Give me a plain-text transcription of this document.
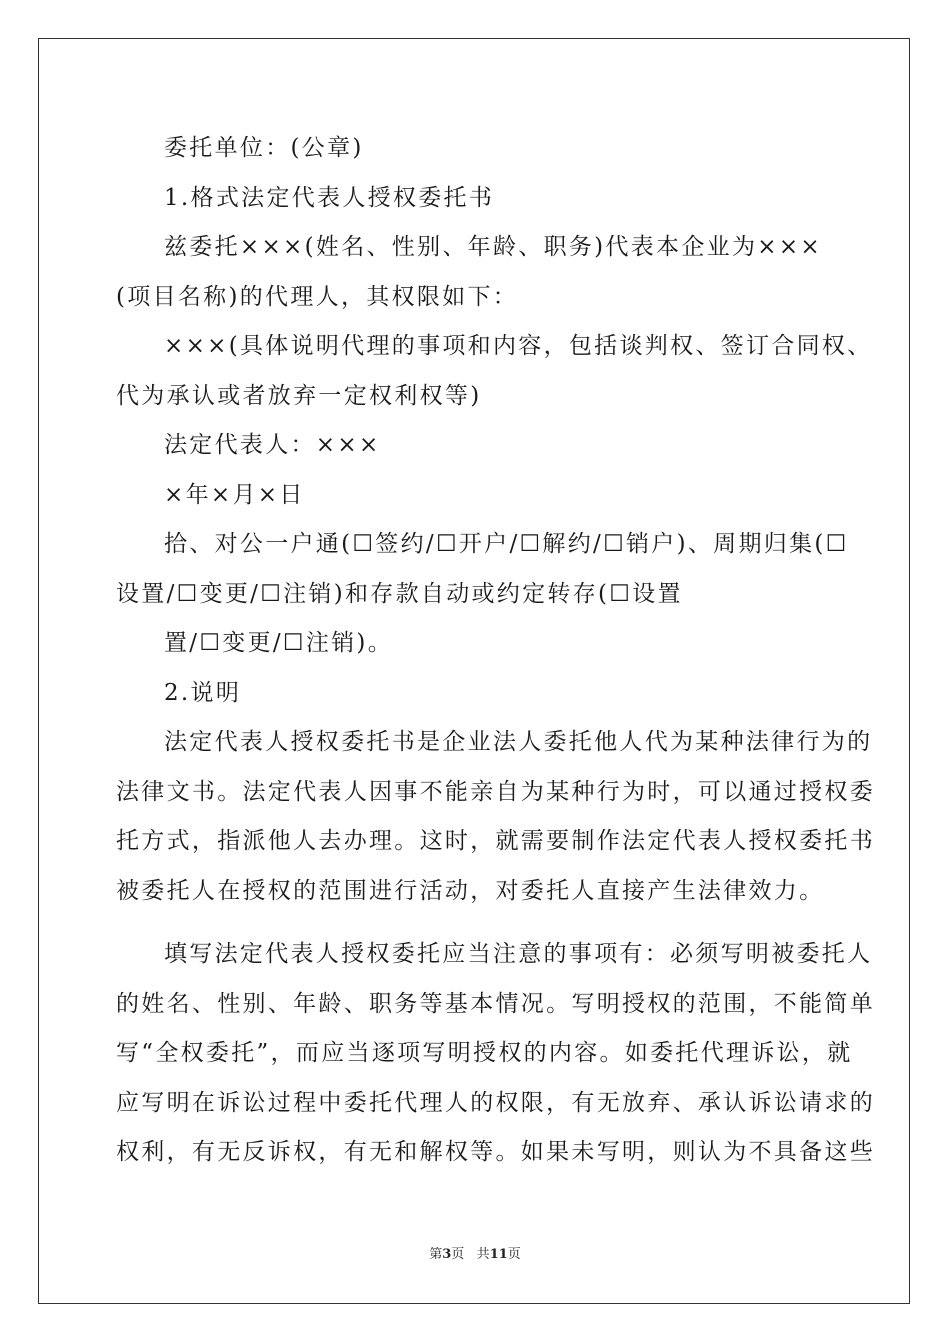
委托单位：(公章)
1.格式法定代表人授权委托书
兹委托×××(姓名、性别、年龄、职务)代表本企业为×××
(项目名称)的代理人，其权限如下：
×××(具体说明代理的事项和内容，包括谈判权、签订合同权、
代为承认或者放弃一定权利权等)
法定代表人：×××
×年×月×日
拾、对公一户通(☐签约/☐开户/☐解约/☐销户)、周期归集(☐
设置/☐变更/☐注销)和存款自动或约定转存(☐设置
置/☐变更/☐注销)。
2.说明
法定代表人授权委托书是企业法人委托他人代为某种法律行为的
法律文书。法定代表人因事不能亲自为某种行为时，可以通过授权委
托方式，指派他人去办理。这时，就需要制作法定代表人授权委托书
被委托人在授权的范围进行活动，对委托人直接产生法律效力。
填写法定代表人授权委托应当注意的事项有：必须写明被委托人
的姓名、性别、年龄、职务等基本情况。写明授权的范围，不能简单
写“全权委托”，而应当逐项写明授权的内容。如委托代理诉讼，就
应写明在诉讼过程中委托代理人的权限，有无放弃、承认诉讼请求的
权利，有无反诉权，有无和解权等。如果未写明，则认为不具备这些
第3页 共11页
